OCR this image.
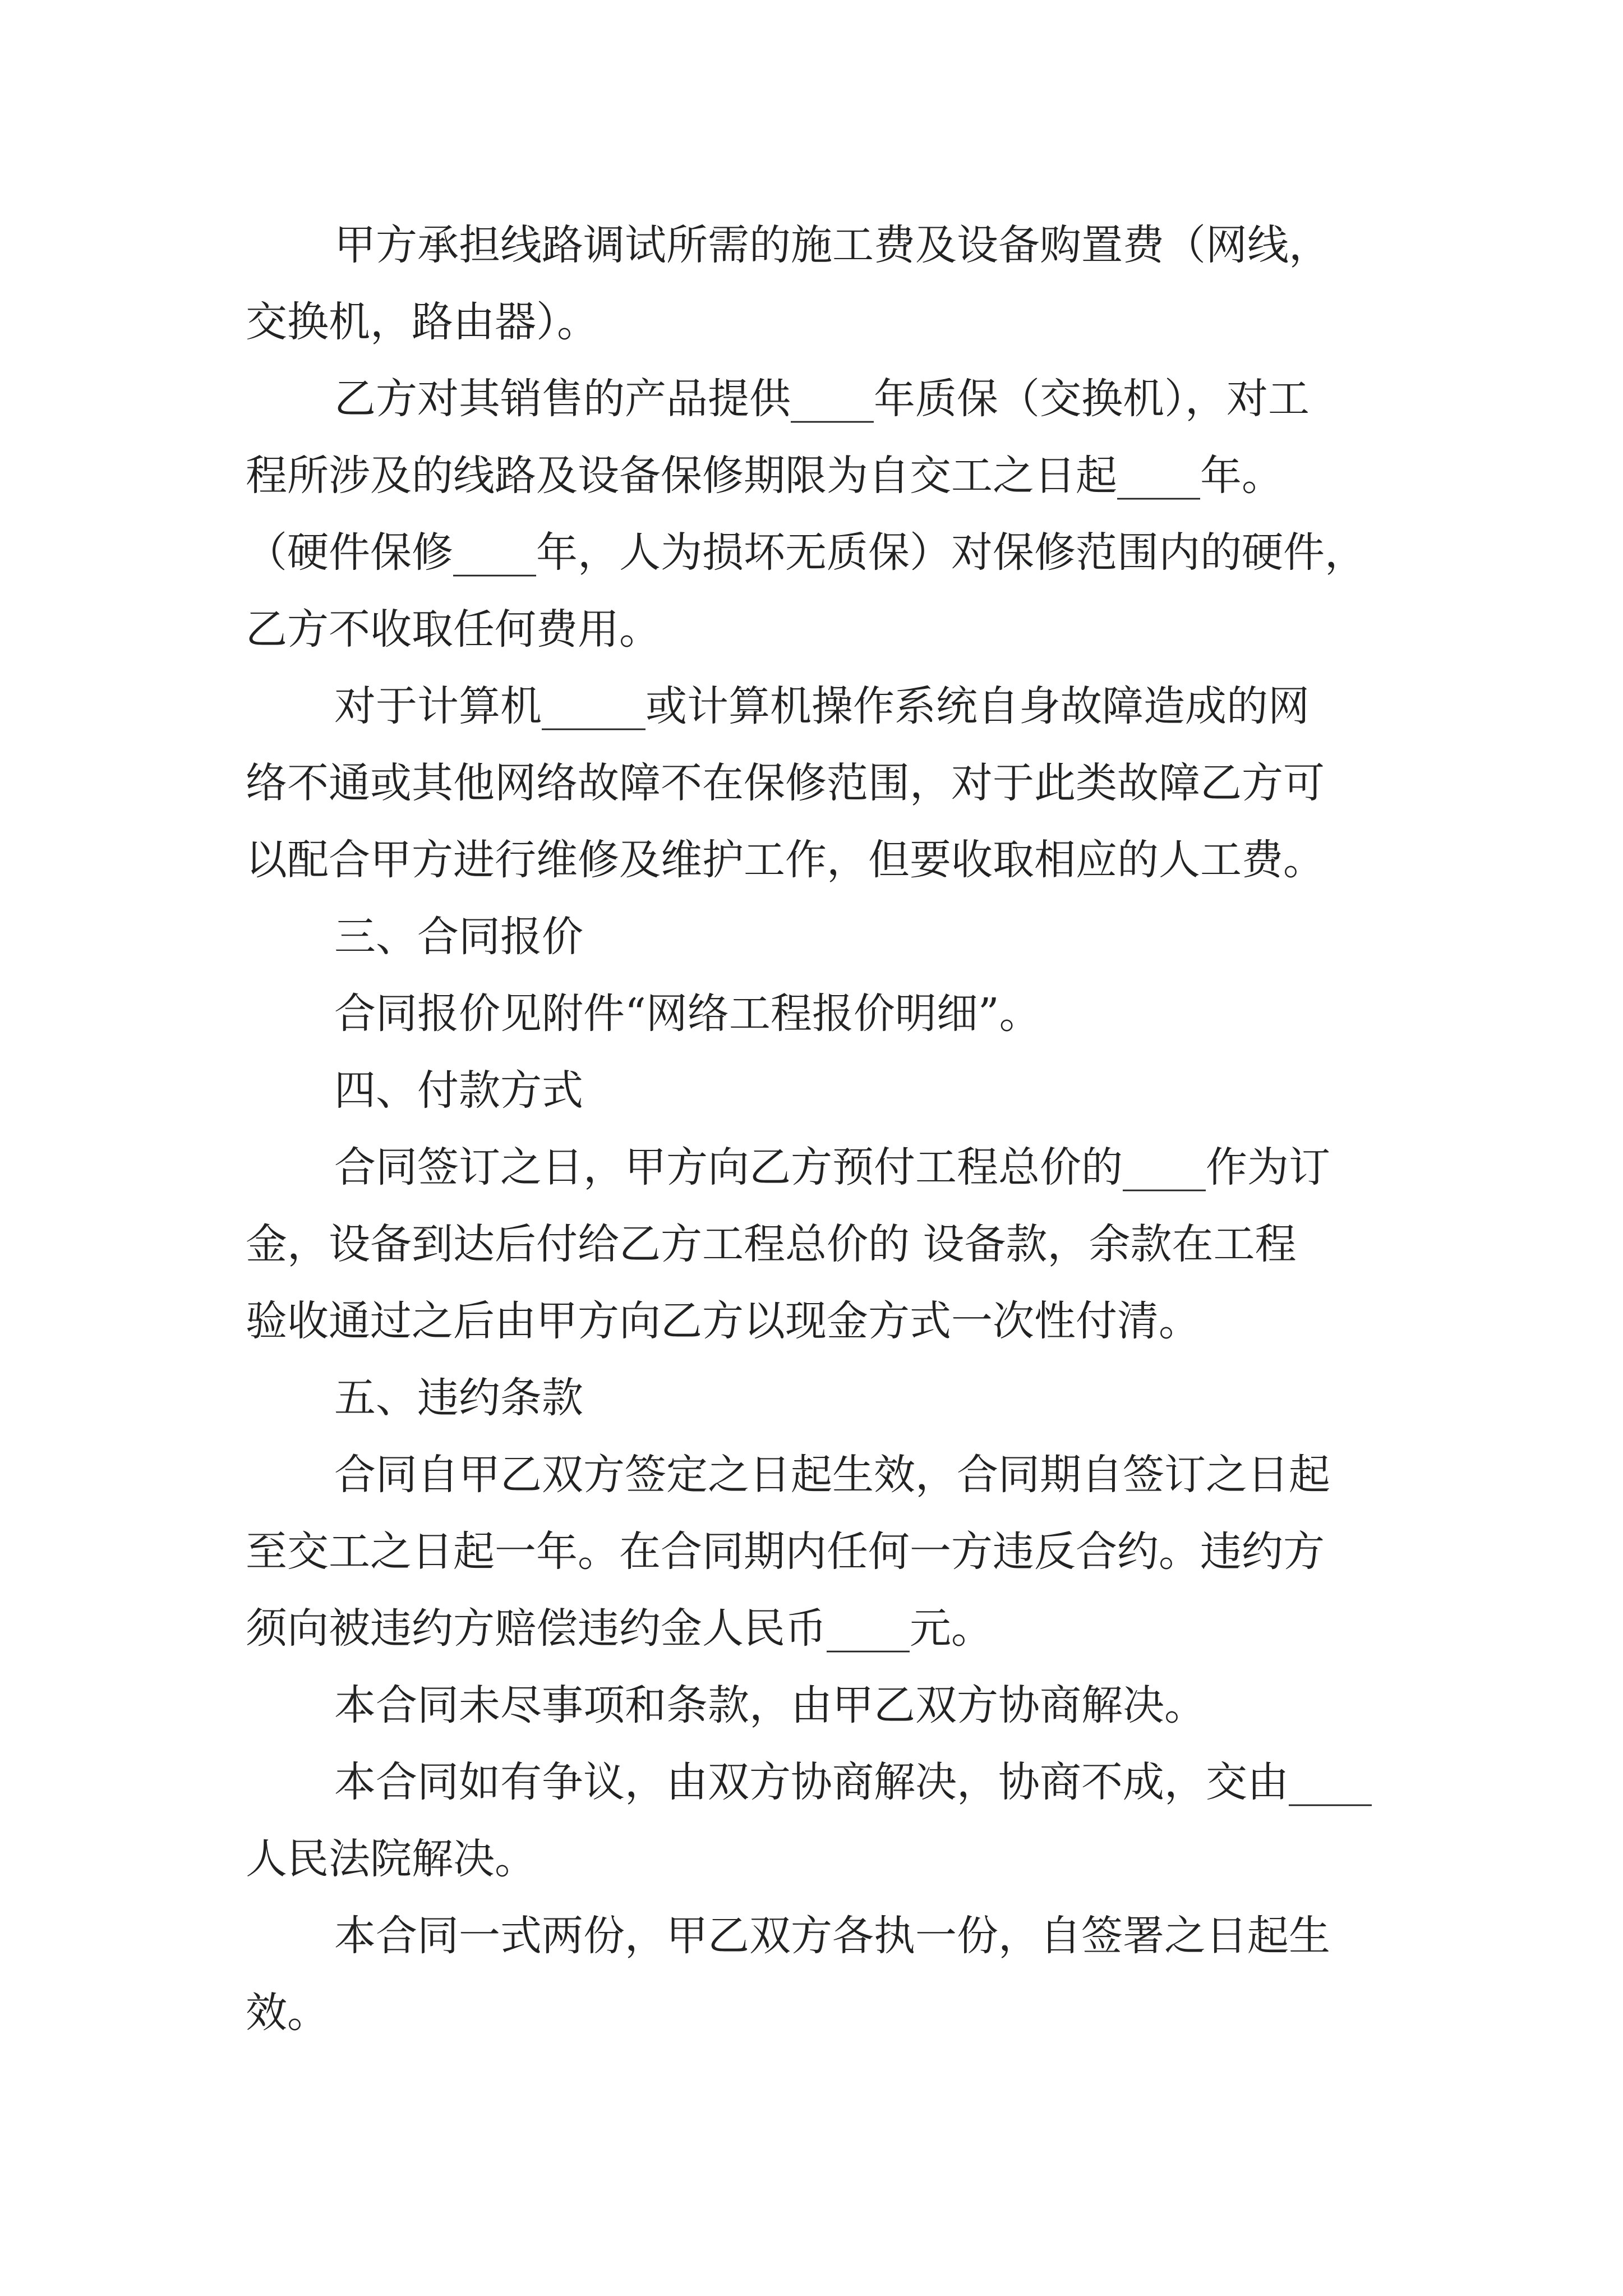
甲方承担线路调试所需的施工费及设备购置费（网线，

交换机，路由器）。

乙方对其销售的产品提供____年质保（交换机），对工

程所涉及的线路及设备保修期限为自交工之日起____年。

（硬件保修____年，人为损坏无质保）对保修范围内的硬件，

乙方不收取任何费用。

对于计算机_____或计算机操作系统自身故障造成的网

络不通或其他网络故障不在保修范围，对于此类故障乙方可

以配合甲方进行维修及维护工作，但要收取相应的人工费。

三、合同报价

合同报价见附件“网络工程报价明细”。

四、付款方式

合同签订之日，甲方向乙方预付工程总价的____作为订

金，设备到达后付给乙方工程总价的 设备款，余款在工程

验收通过之后由甲方向乙方以现金方式一次性付清。

五、违约条款

合同自甲乙双方签定之日起生效，合同期自签订之日起

至交工之日起一年。在合同期内任何一方违反合约。违约方

须向被违约方赔偿违约金人民币____元。

本合同未尽事项和条款，由甲乙双方协商解决。

本合同如有争议，由双方协商解决，协商不成，交由____

人民法院解决。

本合同一式两份，甲乙双方各执一份，自签署之日起生

效。
